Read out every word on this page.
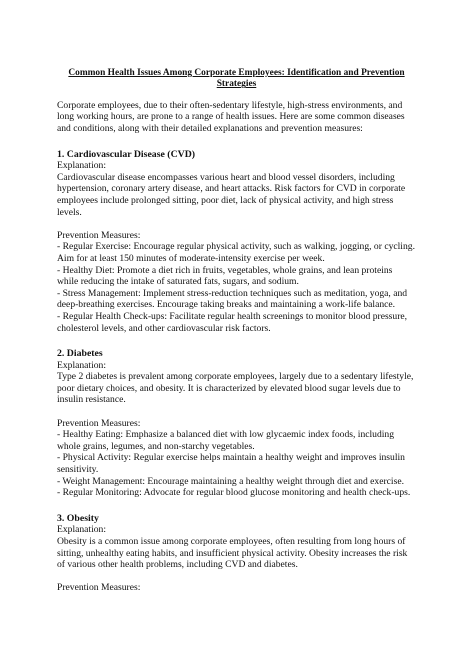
Common Health Issues Among Corporate Employees: Identification and Prevention Strategies

Corporate employees, due to their often-sedentary lifestyle, high-stress environments, and long working hours, are prone to a range of health issues. Here are some common diseases and conditions, along with their detailed explanations and prevention measures:

1. Cardiovascular Disease (CVD)

Explanation:

Cardiovascular disease encompasses various heart and blood vessel disorders, including hypertension, coronary artery disease, and heart attacks. Risk factors for CVD in corporate employees include prolonged sitting, poor diet, lack of physical activity, and high stress levels.

Prevention Measures:

- Regular Exercise: Encourage regular physical activity, such as walking, jogging, or cycling. Aim for at least 150 minutes of moderate-intensity exercise per week.

- Healthy Diet: Promote a diet rich in fruits, vegetables, whole grains, and lean proteins while reducing the intake of saturated fats, sugars, and sodium.

- Stress Management: Implement stress-reduction techniques such as meditation, yoga, and deep-breathing exercises. Encourage taking breaks and maintaining a work-life balance.

- Regular Health Check-ups: Facilitate regular health screenings to monitor blood pressure, cholesterol levels, and other cardiovascular risk factors.

2. Diabetes

Explanation:

Type 2 diabetes is prevalent among corporate employees, largely due to a sedentary lifestyle, poor dietary choices, and obesity. It is characterized by elevated blood sugar levels due to insulin resistance.

Prevention Measures:

- Healthy Eating: Emphasize a balanced diet with low glycaemic index foods, including whole grains, legumes, and non-starchy vegetables.

- Physical Activity: Regular exercise helps maintain a healthy weight and improves insulin sensitivity.

- Weight Management: Encourage maintaining a healthy weight through diet and exercise.

- Regular Monitoring: Advocate for regular blood glucose monitoring and health check-ups.

3. Obesity

Explanation:

Obesity is a common issue among corporate employees, often resulting from long hours of sitting, unhealthy eating habits, and insufficient physical activity. Obesity increases the risk of various other health problems, including CVD and diabetes.

Prevention Measures:
